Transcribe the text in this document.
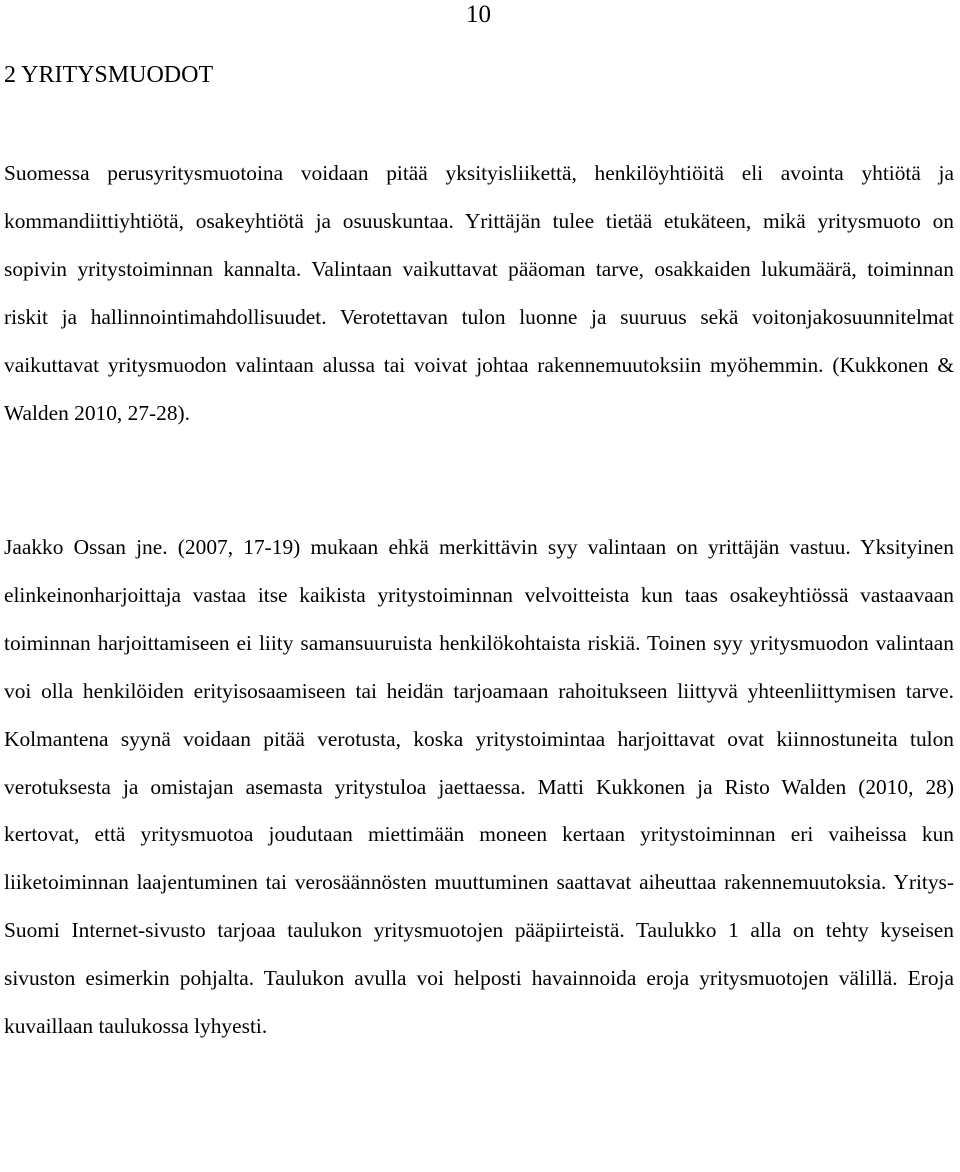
10
2 YRITYSMUODOT

Suomessa perusyritysmuotoina voidaan pitää yksityisliikettä, henkilöyhtiöitä eli avointa yhtiötä ja kommandiittiyhtiötä, osakeyhtiötä ja osuuskuntaa. Yrittäjän tulee tietää etukäteen, mikä yritysmuoto on sopivin yritystoiminnan kannalta. Valintaan vaikuttavat pääoman tarve, osakkaiden lukumäärä, toiminnan riskit ja hallinnointimahdollisuudet. Verotettavan tulon luonne ja suuruus sekä voitonjakosuunnitelmat vaikuttavat yritysmuodon valintaan alussa tai voivat johtaa rakennemuutoksiin myöhemmin. (Kukkonen & Walden 2010, 27-28).

Jaakko Ossan jne. (2007, 17-19) mukaan ehkä merkittävin syy valintaan on yrittäjän vastuu. Yksityinen elinkeinonharjoittaja vastaa itse kaikista yritystoiminnan velvoitteista kun taas osakeyhtiössä vastaavaan toiminnan harjoittamiseen ei liity samansuuruista henkilökohtaista riskiä. Toinen syy yritysmuodon valintaan voi olla henkilöiden erityisosaamiseen tai heidän tarjoamaan rahoitukseen liittyvä yhteenliittymisen tarve. Kolmantena syynä voidaan pitää verotusta, koska yritystoimintaa harjoittavat ovat kiinnostuneita tulon verotuksesta ja omistajan asemasta yritystuloa jaettaessa. Matti Kukkonen ja Risto Walden (2010, 28) kertovat, että yritysmuotoa joudutaan miettimään moneen kertaan yritystoiminnan eri vaiheissa kun liiketoiminnan laajentuminen tai verosäännösten muuttuminen saattavat aiheuttaa rakennemuutoksia. Yritys-Suomi Internet-sivusto tarjoaa taulukon yritysmuotojen pääpiirteistä. Taulukko 1 alla on tehty kyseisen sivuston esimerkin pohjalta. Taulukon avulla voi helposti havainnoida eroja yritysmuotojen välillä. Eroja kuvaillaan taulukossa lyhyesti.
